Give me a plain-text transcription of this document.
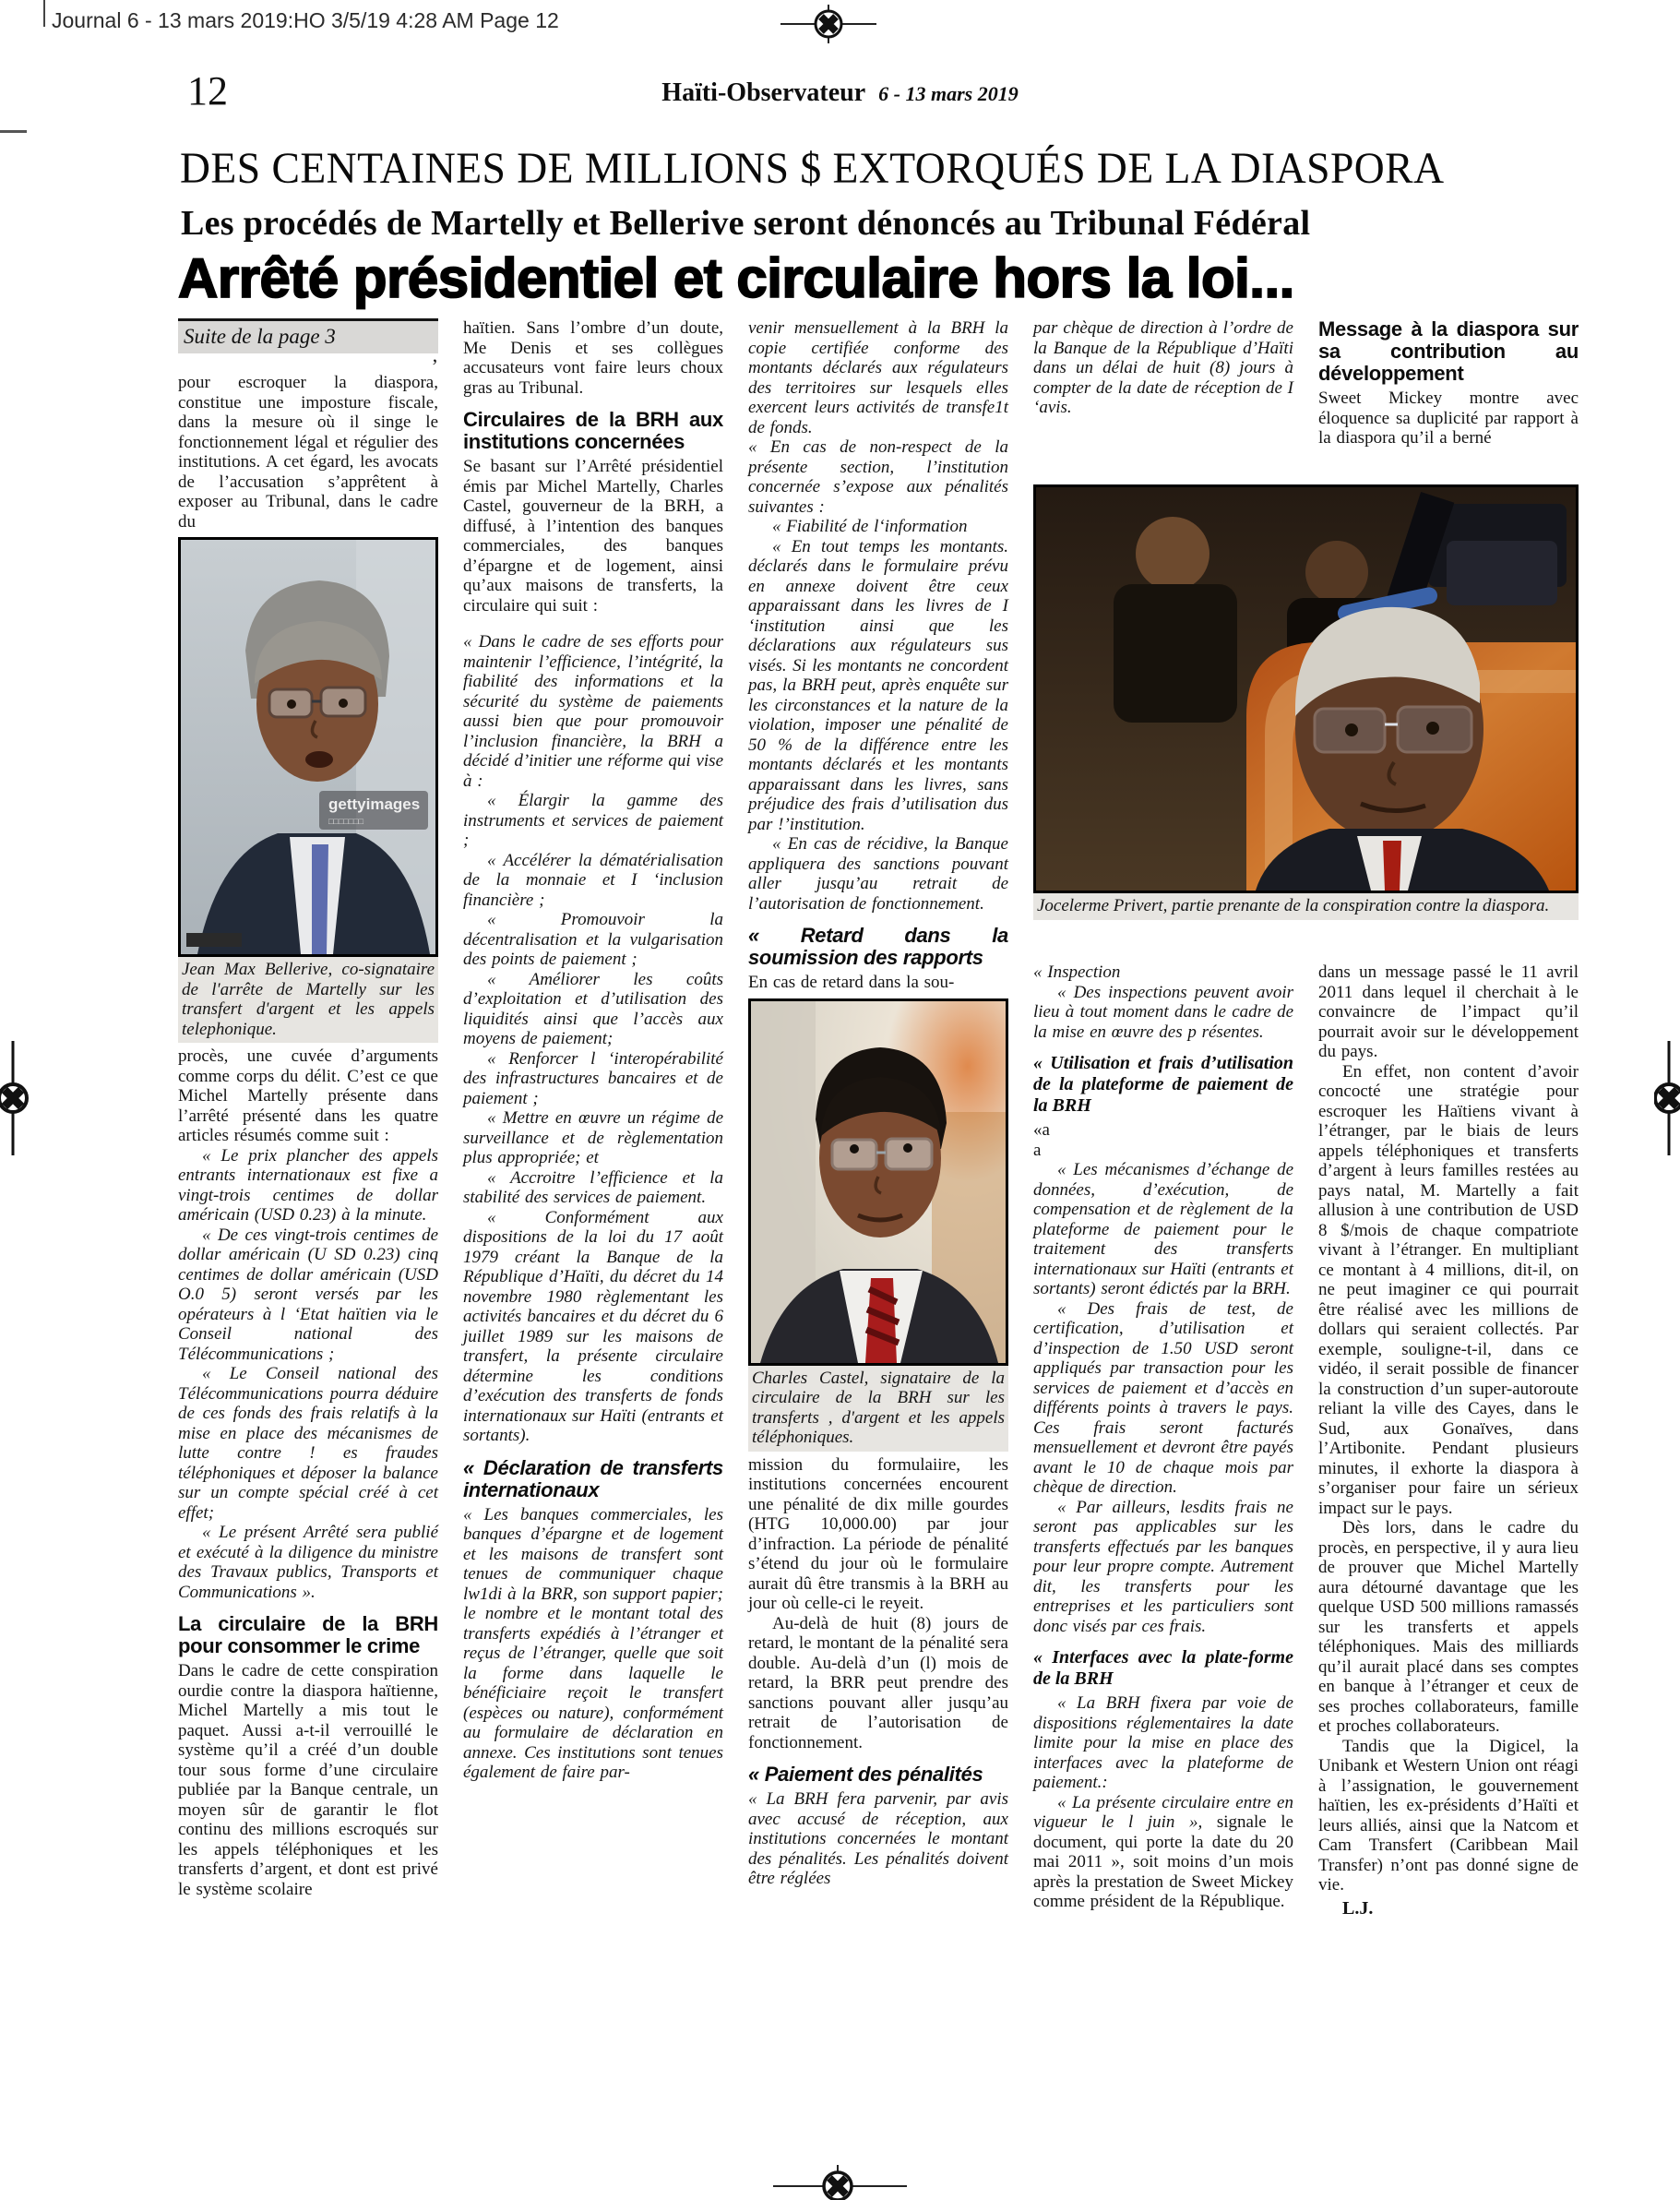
Journal 6 - 13 mars 2019:HO 3/5/19 4:28 AM Page 12
12	Haïti-Observateur 6 - 13 mars 2019
DES CENTAINES DE MILLIONS $ EXTORQUÉS DE LA DIASPORA
Les procédés de Martelly et Bellerive seront dénoncés au Tribunal Fédéral
Arrêté présidentiel et circulaire hors la loi...
Suite de la page 3

’

pour escroquer la diaspora, constitue une imposture fiscale, dans la mesure où il singe le fonctionnement légal et régulier des institutions. A cet égard, les avocats de l’accusation s’apprêtent à exposer au Tribunal, dans le cadre du

gettyimages
□□□□□□□
Jean Max Bellerive, co-signataire de l'arrête de Martelly sur les transfert d'argent et les appels telephonique.

procès, une cuvée d’arguments comme corps du délit. C’est ce que Michel Martelly présente dans l’arrêté présenté dans les quatre articles résumés comme suit :

« Le prix plancher des appels entrants internationaux est fixe a vingt-trois centimes de dollar américain (USD 0.23) à la minute.

« De ces vingt-trois centimes de dollar américain (U SD 0.23) cinq centimes de dollar américain (USD O.0 5) seront versés par les opérateurs à l ‘Etat haïtien via le Conseil national des Télécommunications ;

« Le Conseil national des Télécommunications pourra déduire de ces fonds des frais relatifs à la mise en place des mécanismes de lutte contre ! es fraudes téléphoniques et déposer la balance sur un compte spécial créé à cet effet;

« Le présent Arrêté sera publié et exécuté à la diligence du ministre des Travaux publics, Transports et Communications ».

La circulaire de la BRH pour consommer le crime

Dans le cadre de cette conspiration ourdie contre la diaspora haïtienne, Michel Martelly a mis tout le paquet. Aussi a-t-il verrouillé le système qu’il a créé d’un double tour sous forme d’une circulaire publiée par la Banque centrale, un moyen sûr de garantir le flot continu des millions escroqués sur les appels téléphoniques et les transferts d’argent, et dont est privé le système scolaire

haïtien. Sans l’ombre d’un doute, Me Denis et ses collègues accusateurs vont faire leurs choux gras au Tribunal.

Circulaires de la BRH aux institutions concernées

Se basant sur l’Arrêté présidentiel émis par Michel Martelly, Charles Castel, gouverneur de la BRH, a diffusé, à l’intention des banques commerciales, des banques d’épargne et de logement, ainsi qu’aux maisons de transferts, la circulaire qui suit :

« Dans le cadre de ses efforts pour maintenir l’efficience, l’intégrité, la fiabilité des informations et la sécurité du système de paiements aussi bien que pour promouvoir l’inclusion financière, la BRH a décidé d’initier une réforme qui vise à :

« Élargir la gamme des instruments et services de paiement ;

« Accélérer la dématérialisation de la monnaie et I ‘inclusion financière ;

« Promouvoir la décentralisation et la vulgarisation des points de paiement ;

« Améliorer les coûts d’exploitation et d’utilisation des liquidités ainsi que l’accès aux moyens de paiement;

« Renforcer l ‘interopérabilité des infrastructures bancaires et de paiement ;

« Mettre en œuvre un régime de surveillance et de règlementation plus appropriée; et

« Accroitre l’efficience et la stabilité des services de paiement.

« Conformément aux dispositions de la loi du 17 août 1979 créant la Banque de la République d’Haïti, du décret du 14 novembre 1980 règlementant les activités bancaires et du décret du 6 juillet 1989 sur les maisons de transfert, la présente circulaire détermine les conditions d’exécution des transferts de fonds internationaux sur Haïti (entrants et sortants).

« Déclaration de transferts internationaux

« Les banques commerciales, les banques d’épargne et de logement et les maisons de transfert sont tenues de communiquer chaque lw1di à la BRR, son support papier; le nombre et le montant total des transferts expédiés à l’étranger et reçus de l’étranger, quelle que soit la forme dans laquelle le bénéficiaire reçoit le transfert (espèces ou nature), conformément au formulaire de déclaration en annexe. Ces institutions sont tenues également de faire par-

venir mensuellement à la BRH la copie certifiée conforme des montants déclarés aux régulateurs des territoires sur lesquels elles exercent leurs activités de transfe1t de fonds.

« En cas de non-respect de la présente section, l’institution concernée s’expose aux pénalités suivantes :

« Fiabilité de l‘information

« En tout temps les montants. déclarés dans le formulaire prévu en annexe doivent être ceux apparaissant dans les livres de I ‘institution ainsi que les déclarations aux régulateurs sus visés. Si les montants ne concordent pas, la BRH peut, après enquête sur les circonstances et la nature de la violation, imposer une pénalité de 50 % de la différence entre les montants déclarés et les montants apparaissant dans les livres, sans préjudice des frais d’utilisation dus par !’institution.

« En cas de récidive, la Banque appliquera des sanctions pouvant aller jusqu’au retrait de l’autorisation de fonctionnement.

« Retard dans la soumission des rapports

En cas de retard dans la sou-

Charles Castel, signataire de la circulaire de la BRH sur les transferts , d'argent et les appels téléphoniques.

mission du formulaiire, les institutions concernées encourent une pénalité de dix mille gourdes (HTG 10,000.00) par jour d’infraction. La période de pénalité s’étend du jour où le formulaire aurait dû être transmis à la BRH au jour où celle-ci le reyeit.

Au-delà de huit (8) jours de retard, le montant de la pénalité sera double. Au-delà d’un (l) mois de retard, la BRR peut prendre des sanctions pouvant aller jusqu’au retrait de l’autorisation de fonctionnement.

« Paiement des pénalités

« La BRH fera parvenir, par avis avec accusé de réception, aux institutions concernées le montant des pénalités. Les pénalités doivent être réglées

par chèque de direction à l’ordre de la Banque de la République d’Haïti dans un délai de huit (8) jours à compter de la date de réception de I ‘avis.

Message à la diaspora sur sa contribution au développement

Sweet Mickey montre avec éloquence sa duplicité par rapport à la diaspora qu’il a berné

Jocelerme Privert, partie prenante de la conspiration contre la diaspora.

« Inspection

« Des inspections peuvent avoir lieu à tout moment dans le cadre de la mise en œuvre des p résentes.

« Utilisation et frais d’utilisation de la plateforme de paiement de la BRH

«a

a

« Les mécanismes d’échange de données, d’exécution, de compensation et de règlement de la plateforme de paiement pour le traitement des transferts internationaux sur Haïti (entrants et sortants) seront édictés par la BRH.

« Des frais de test, de certification, d’utilisation et d’inspection de 1.50 USD seront appliqués par transaction pour les services de paiement et d’accès en différents points à travers le pays. Ces frais seront facturés mensuellement et devront être payés avant le 10 de chaque mois par chèque de direction.

« Par ailleurs, lesdits frais ne seront pas applicables sur les transferts effectués par les banques pour leur propre compte. Autrement dit, les transferts pour les entreprises et les particuliers sont donc visés par ces frais.

« Interfaces avec la plate-forme de la BRH

« La BRH fixera par voie de dispositions réglementaires la date limite pour la mise en place des interfaces avec la plateforme de paiement.:

« La présente circulaire entre en vigueur le l juin », signale le document, qui porte la date du 20 mai 2011 », soit moins d’un mois après la prestation de Sweet Mickey comme président de la République.

dans un message passé le 11 avril 2011 dans lequel il cherchait à le convaincre de l’impact qu’il pourrait avoir sur le développement du pays.

En effet, non content d’avoir concocté une stratégie pour escroquer les Haïtiens vivant à l’étranger, par le biais de leurs appels téléphoniques et transferts d’argent à leurs familles restées au pays natal, M. Martelly a fait allusion à une contribution de USD 8 $/mois de chaque compatriote vivant à l’étranger. En multipliant ce montant à 4 millions, dit-il, on ne peut imaginer ce qui pourrait être réalisé avec les millions de dollars qui seraient collectés. Par exemple, souligne-t-il, dans ce vidéo, il serait possible de financer la construction d’un super-autoroute reliant la ville des Cayes, dans le Sud, aux Gonaïves, dans l’Artibonite. Pendant plusieurs minutes, il exhorte la diaspora à s’organiser pour faire un sérieux impact sur le pays.

Dès lors, dans le cadre du procès, en perspective, il y aura lieu de prouver que Michel Martelly aura détourné davantage que les quelque USD 500 millions ramassés sur les transferts et appels téléphoniques. Mais des milliards qu’il aurait placé dans ses comptes en banque à l’étranger et ceux de ses proches collaborateurs, famille et proches collaborateurs.

Tandis que la Digicel, la Unibank et Western Union ont réagi à l’assignation, le gouvernement haïtien, les ex-présidents d’Haïti et leurs alliés, ainsi que la Natcom et Cam Transfert (Caribbean Mail Transfer) n’ont pas donné signe de vie.

L.J.
